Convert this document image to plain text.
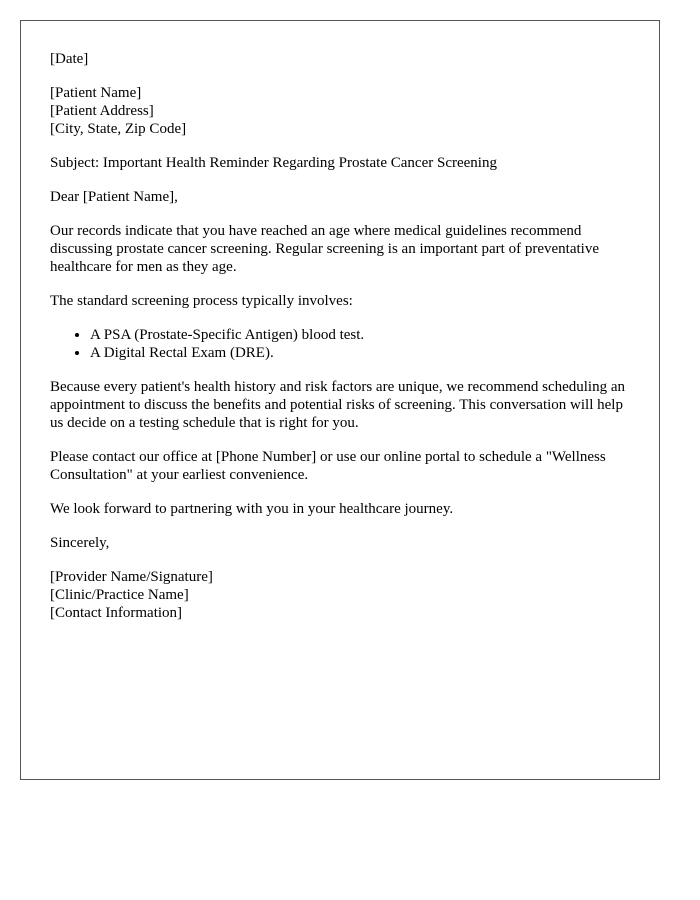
[Date]

[Patient Name]
[Patient Address]
[City, State, Zip Code]

Subject: Important Health Reminder Regarding Prostate Cancer Screening

Dear [Patient Name],

Our records indicate that you have reached an age where medical guidelines recommend discussing prostate cancer screening. Regular screening is an important part of preventative healthcare for men as they age.

The standard screening process typically involves:

• A PSA (Prostate-Specific Antigen) blood test.
• A Digital Rectal Exam (DRE).

Because every patient's health history and risk factors are unique, we recommend scheduling an appointment to discuss the benefits and potential risks of screening. This conversation will help us decide on a testing schedule that is right for you.

Please contact our office at [Phone Number] or use our online portal to schedule a "Wellness Consultation" at your earliest convenience.

We look forward to partnering with you in your healthcare journey.

Sincerely,

[Provider Name/Signature]
[Clinic/Practice Name]
[Contact Information]
